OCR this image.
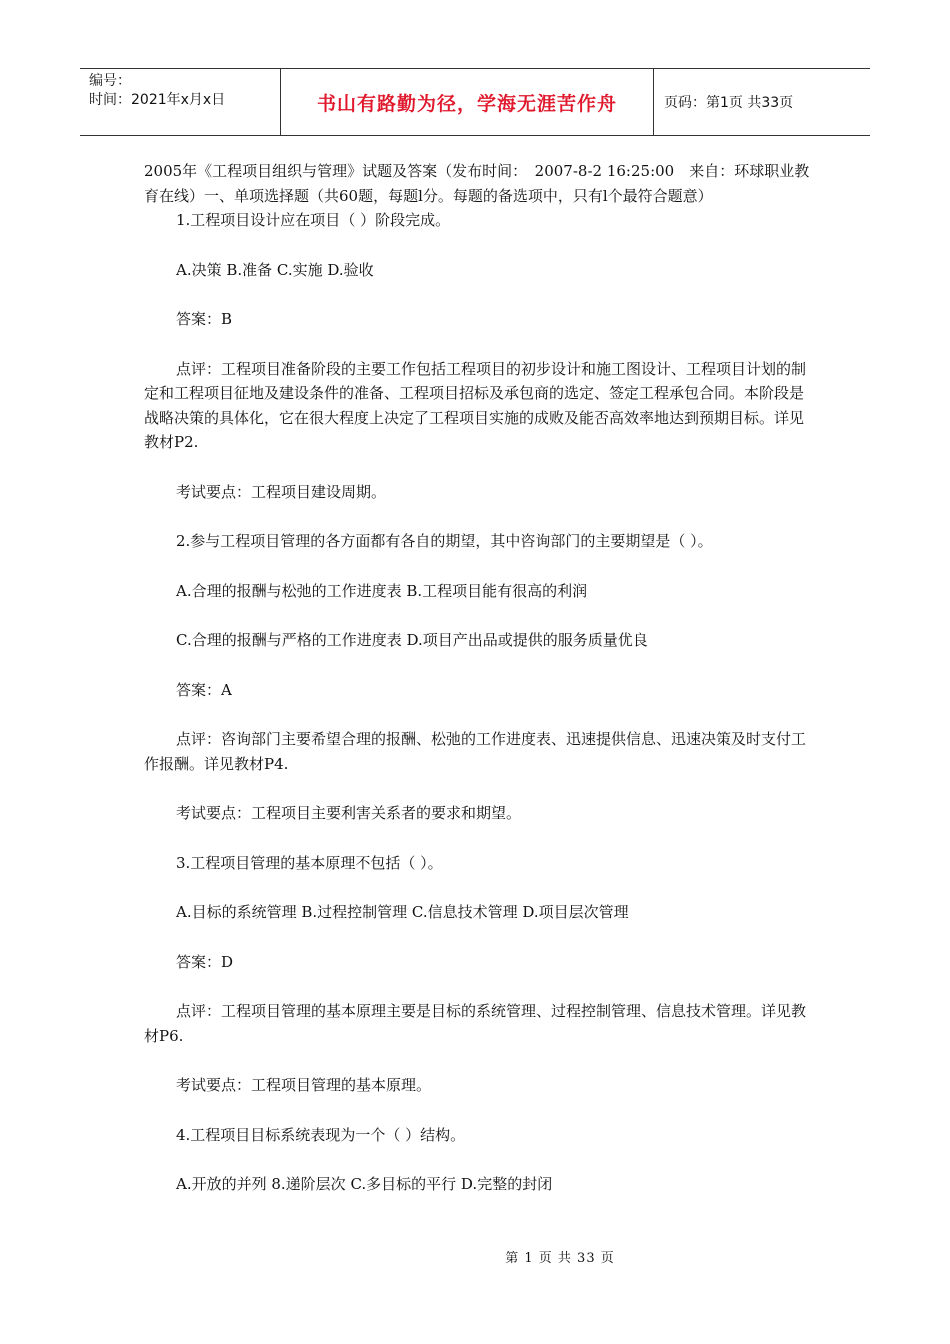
编号：
时间：2021年x月x日	书山有路勤为径，学海无涯苦作舟	页码：第1页 共33页

2005年《工程项目组织与管理》试题及答案（发布时间：　2007-8-2 16:25:00　来自：环球职业教育在线）一、单项选择题（共60题，每题l分。每题的备选项中，只有l个最符合题意）

1.工程项目设计应在项目（ ）阶段完成。

A.决策 B.准备 C.实施 D.验收

答案：B

点评：工程项目准备阶段的主要工作包括工程项目的初步设计和施工图设计、工程项目计划的制定和工程项目征地及建设条件的准备、工程项目招标及承包商的选定、签定工程承包合同。本阶段是战略决策的具体化，它在很大程度上决定了工程项目实施的成败及能否高效率地达到预期目标。详见教材P2.

考试要点：工程项目建设周期。

2.参与工程项目管理的各方面都有各自的期望，其中咨询部门的主要期望是（ ）。

A.合理的报酬与松弛的工作进度表 B.工程项目能有很高的利润

C.合理的报酬与严格的工作进度表 D.项目产出品或提供的服务质量优良

答案：A

点评：咨询部门主要希望合理的报酬、松弛的工作进度表、迅速提供信息、迅速决策及时支付工作报酬。详见教材P4.

考试要点：工程项目主要利害关系者的要求和期望。

3.工程项目管理的基本原理不包括（ ）。

A.目标的系统管理 B.过程控制管理 C.信息技术管理 D.项目层次管理

答案：D

点评：工程项目管理的基本原理主要是目标的系统管理、过程控制管理、信息技术管理。详见教材P6.

考试要点：工程项目管理的基本原理。

4.工程项目目标系统表现为一个（ ）结构。

A.开放的并列 8.递阶层次 C.多目标的平行 D.完整的封闭

第 1 页 共 33 页
